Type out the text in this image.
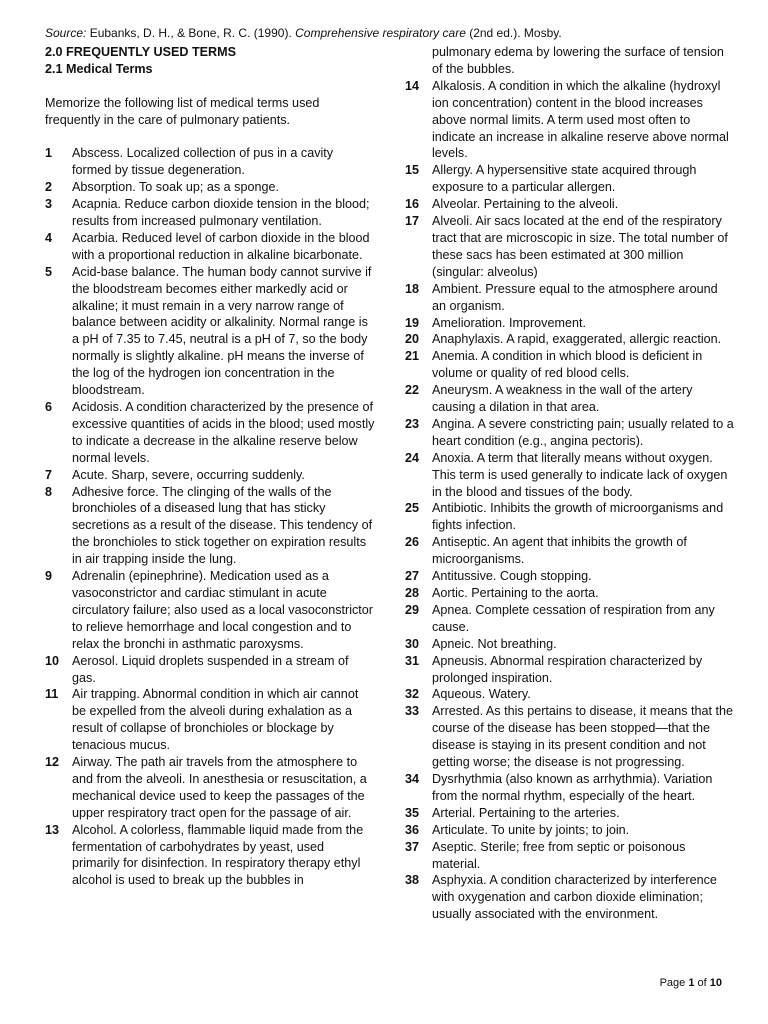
Source: Eubanks, D. H., & Bone, R. C. (1990). Comprehensive respiratory care (2nd ed.). Mosby.
2.0 FREQUENTLY USED TERMS
2.1 Medical Terms
Memorize the following list of medical terms used frequently in the care of pulmonary patients.
1	Abscess. Localized collection of pus in a cavity formed by tissue degeneration.
2	Absorption. To soak up; as a sponge.
3	Acapnia. Reduce carbon dioxide tension in the blood; results from increased pulmonary ventilation.
4	Acarbia. Reduced level of carbon dioxide in the blood with a proportional reduction in alkaline bicarbonate.
5	Acid-base balance. The human body cannot survive if the bloodstream becomes either markedly acid or alkaline; it must remain in a very narrow range of balance between acidity or alkalinity. Normal range is a pH of 7.35 to 7.45, neutral is a pH of 7, so the body normally is slightly alkaline. pH means the inverse of the log of the hydrogen ion concentration in the bloodstream.
6	Acidosis. A condition characterized by the presence of excessive quantities of acids in the blood; used mostly to indicate a decrease in the alkaline reserve below normal levels.
7	Acute. Sharp, severe, occurring suddenly.
8	Adhesive force. The clinging of the walls of the bronchioles of a diseased lung that has sticky secretions as a result of the disease. This tendency of the bronchioles to stick together on expiration results in air trapping inside the lung.
9	Adrenalin (epinephrine). Medication used as a vasoconstrictor and cardiac stimulant in acute circulatory failure; also used as a local vasoconstrictor to relieve hemorrhage and local congestion and to relax the bronchi in asthmatic paroxysms.
10	Aerosol. Liquid droplets suspended in a stream of gas.
11	Air trapping. Abnormal condition in which air cannot be expelled from the alveoli during exhalation as a result of collapse of bronchioles or blockage by tenacious mucus.
12	Airway. The path air travels from the atmosphere to and from the alveoli. In anesthesia or resuscitation, a mechanical device used to keep the passages of the upper respiratory tract open for the passage of air.
13	Alcohol. A colorless, flammable liquid made from the fermentation of carbohydrates by yeast, used primarily for disinfection. In respiratory therapy ethyl alcohol is used to break up the bubbles in
pulmonary edema by lowering the surface of tension of the bubbles.
14	Alkalosis. A condition in which the alkaline (hydroxyl ion concentration) content in the blood increases above normal limits. A term used most often to indicate an increase in alkaline reserve above normal levels.
15	Allergy. A hypersensitive state acquired through exposure to a particular allergen.
16	Alveolar. Pertaining to the alveoli.
17	Alveoli. Air sacs located at the end of the respiratory tract that are microscopic in size. The total number of these sacs has been estimated at 300 million (singular: alveolus)
18	Ambient. Pressure equal to the atmosphere around an organism.
19	Amelioration. Improvement.
20	Anaphylaxis. A rapid, exaggerated, allergic reaction.
21	Anemia. A condition in which blood is deficient in volume or quality of red blood cells.
22	Aneurysm. A weakness in the wall of the artery causing a dilation in that area.
23	Angina. A severe constricting pain; usually related to a heart condition (e.g., angina pectoris).
24	Anoxia. A term that literally means without oxygen. This term is used generally to indicate lack of oxygen in the blood and tissues of the body.
25	Antibiotic. Inhibits the growth of microorganisms and fights infection.
26	Antiseptic. An agent that inhibits the growth of microorganisms.
27	Antitussive. Cough stopping.
28	Aortic. Pertaining to the aorta.
29	Apnea. Complete cessation of respiration from any cause.
30	Apneic. Not breathing.
31	Apneusis. Abnormal respiration characterized by prolonged inspiration.
32	Aqueous. Watery.
33	Arrested. As this pertains to disease, it means that the course of the disease has been stopped—that the disease is staying in its present condition and not getting worse; the disease is not progressing.
34	Dysrhythmia (also known as arrhythmia). Variation from the normal rhythm, especially of the heart.
35	Arterial. Pertaining to the arteries.
36	Articulate. To unite by joints; to join.
37	Aseptic. Sterile; free from septic or poisonous material.
38	Asphyxia. A condition characterized by interference with oxygenation and carbon dioxide elimination; usually associated with the environment.
Page 1 of 10
